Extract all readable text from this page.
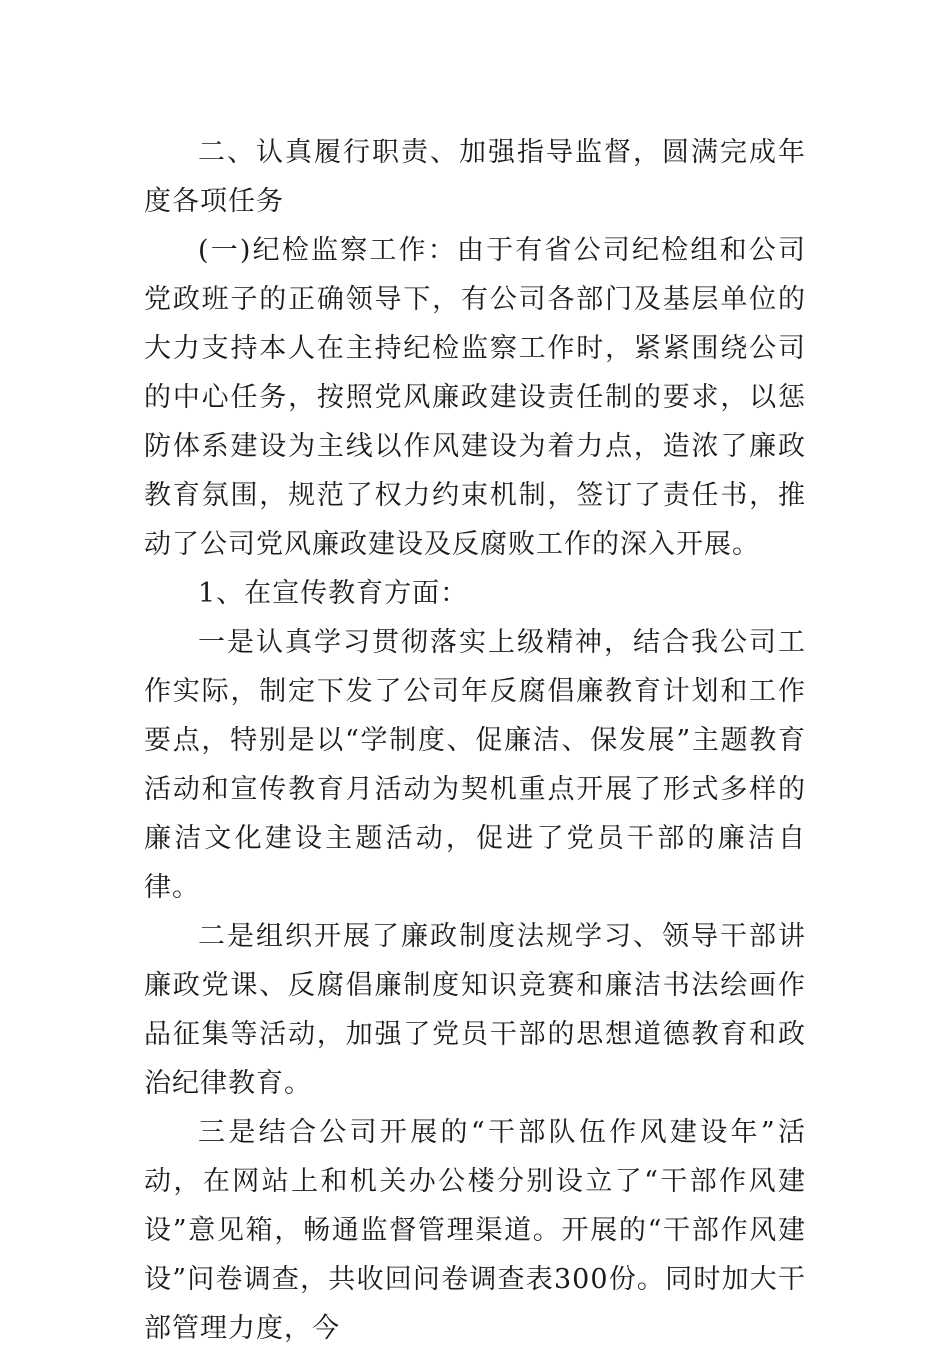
二、认真履行职责、加强指导监督，圆满完成年度各项任务

(一)纪检监察工作：由于有省公司纪检组和公司党政班子的正确领导下，有公司各部门及基层单位的大力支持本人在主持纪检监察工作时，紧紧围绕公司的中心任务，按照党风廉政建设责任制的要求，以惩防体系建设为主线以作风建设为着力点，造浓了廉政教育氛围，规范了权力约束机制，签订了责任书，推动了公司党风廉政建设及反腐败工作的深入开展。

1、在宣传教育方面：

一是认真学习贯彻落实上级精神，结合我公司工作实际，制定下发了公司年反腐倡廉教育计划和工作要点，特别是以“学制度、促廉洁、保发展”主题教育活动和宣传教育月活动为契机重点开展了形式多样的廉洁文化建设主题活动，促进了党员干部的廉洁自律。

二是组织开展了廉政制度法规学习、领导干部讲廉政党课、反腐倡廉制度知识竞赛和廉洁书法绘画作品征集等活动，加强了党员干部的思想道德教育和政治纪律教育。

三是结合公司开展的“干部队伍作风建设年”活动，在网站上和机关办公楼分别设立了“干部作风建设”意见箱，畅通监督管理渠道。开展的“干部作风建设”问卷调查，共收回问卷调查表300份。同时加大干部管理力度，今
